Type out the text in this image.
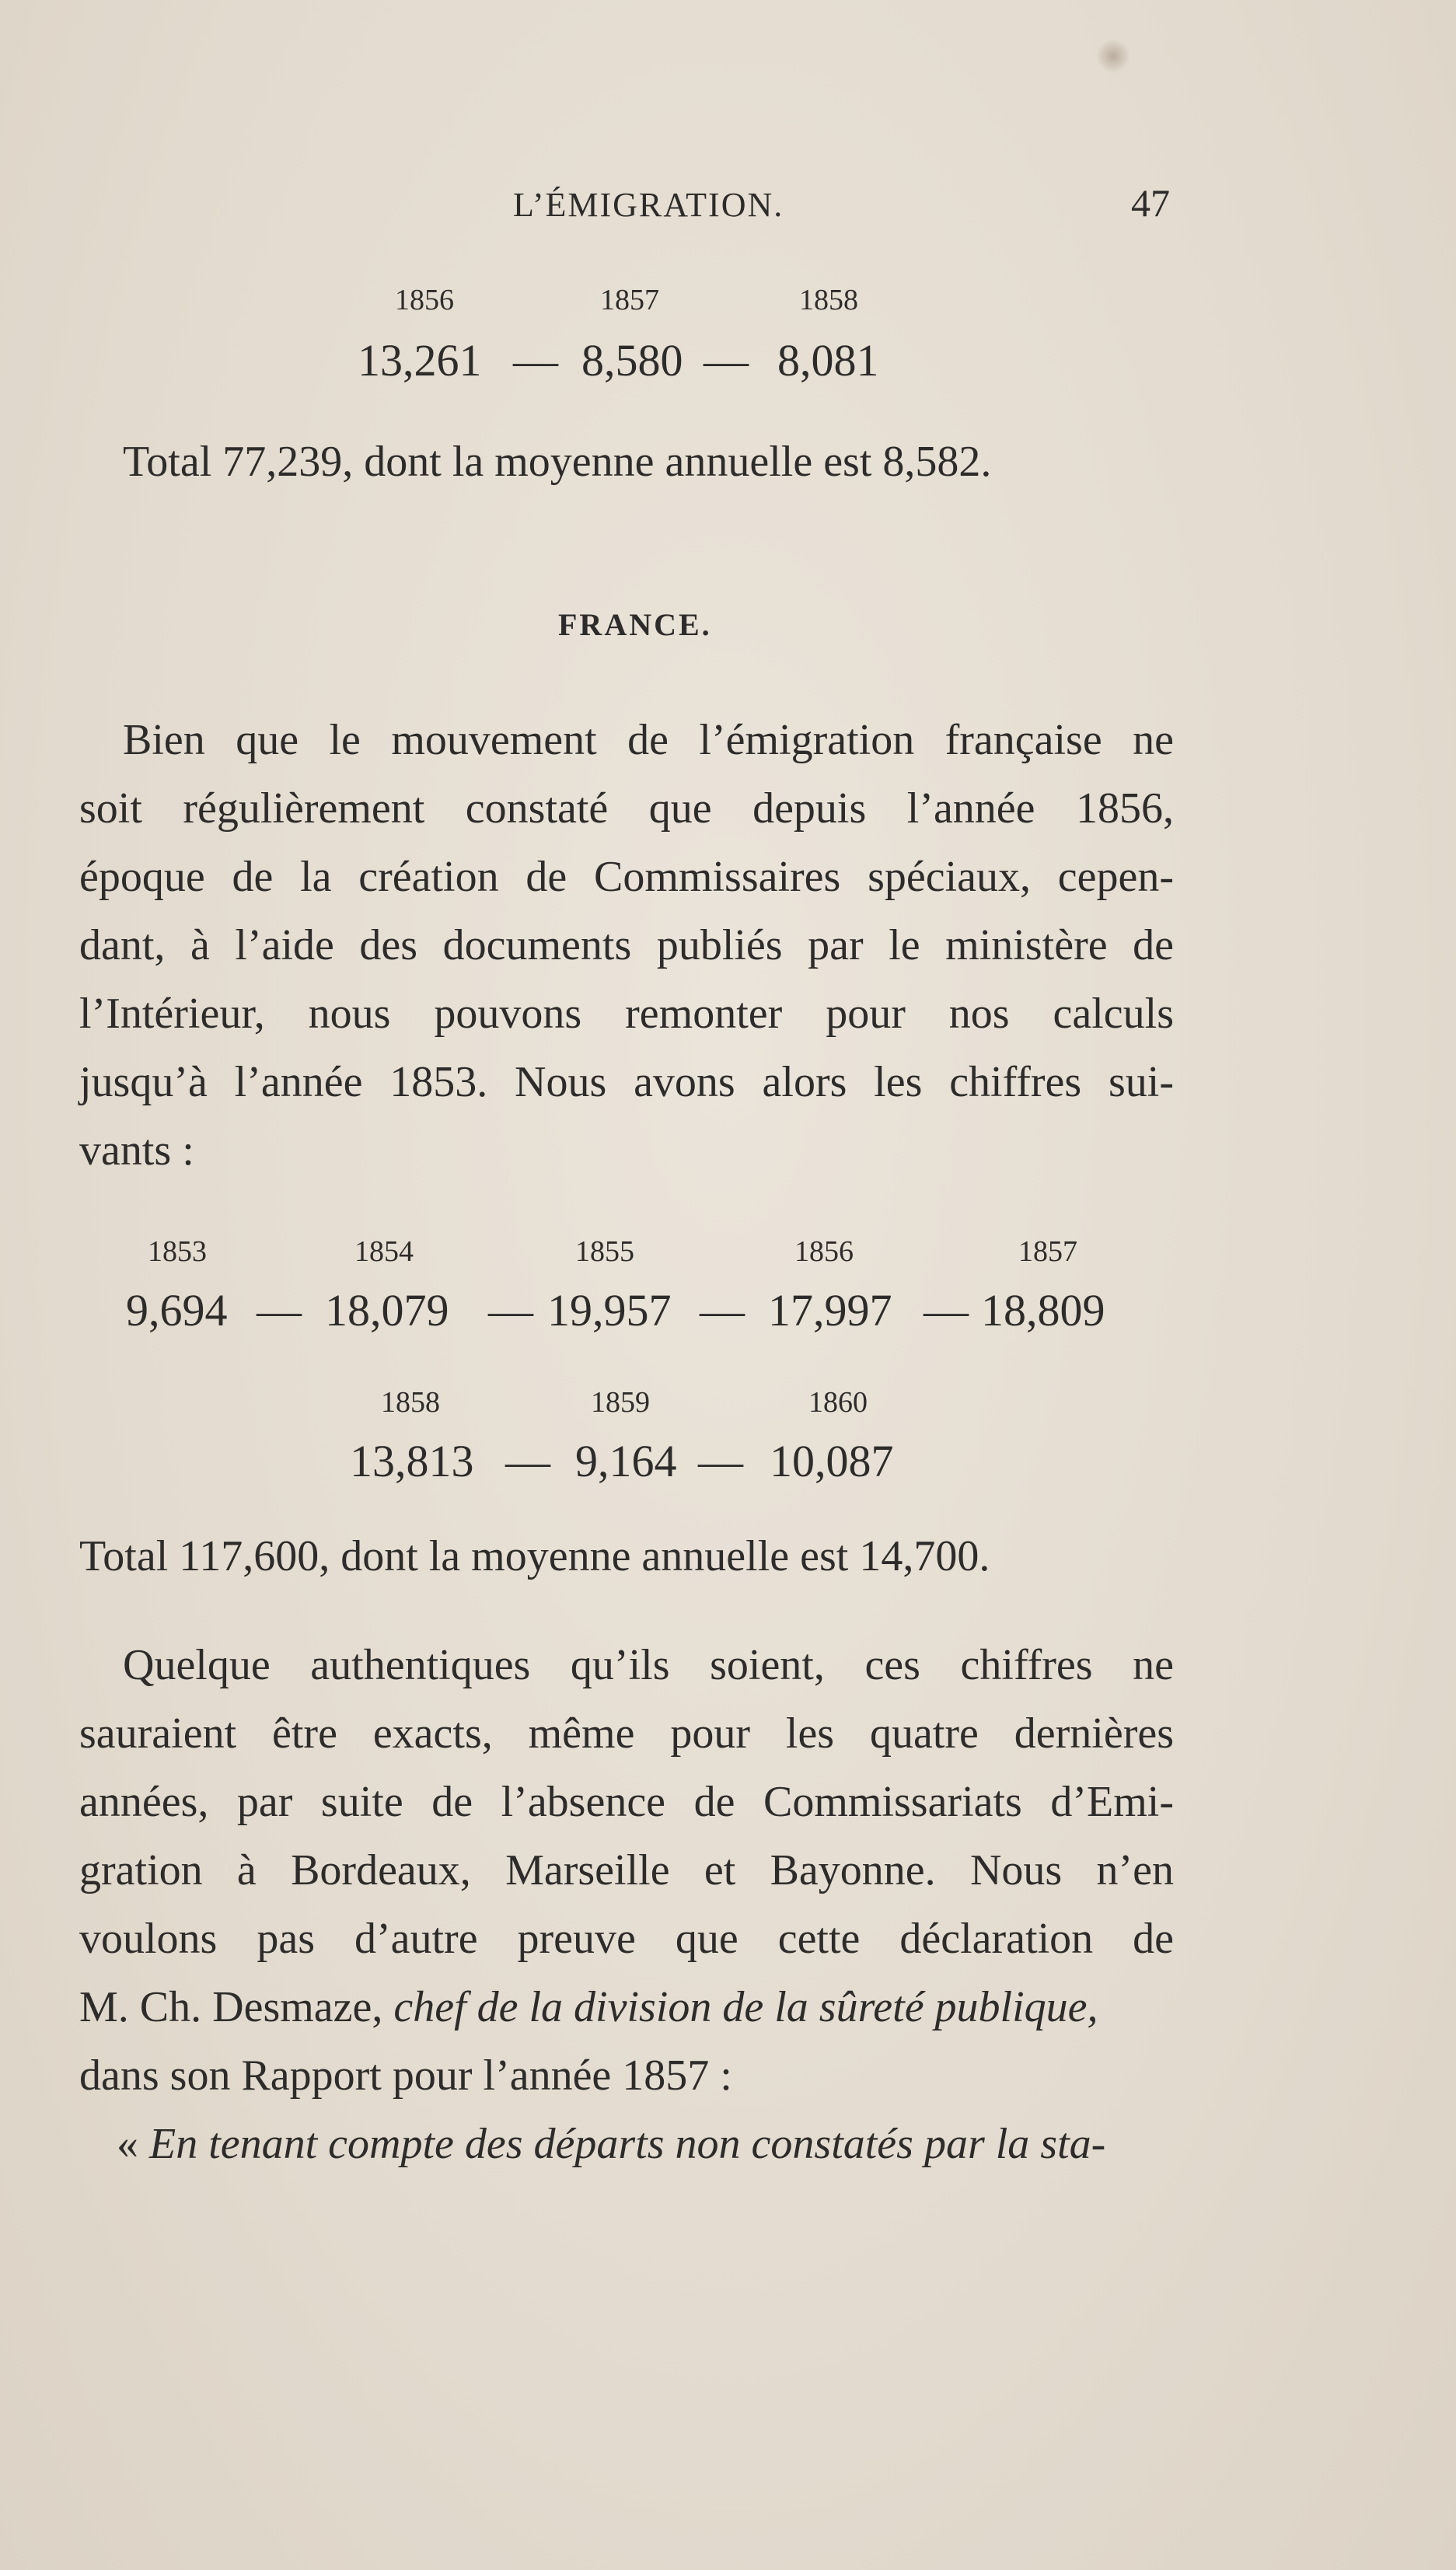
L’ÉMIGRATION.	47
1856	1857	1858
13,261 — 8,580 — 8,081
Total 77,239, dont la moyenne annuelle est 8,582.
FRANCE.
Bien que le mouvement de l’émigration française ne
soit régulièrement constaté que depuis l’année 1856,
époque de la création de Commissaires spéciaux, cepen-
dant, à l’aide des documents publiés par le ministère de
l’Intérieur, nous pouvons remonter pour nos calculs
jusqu’à l’année 1853. Nous avons alors les chiffres sui-
vants :
1853	1854	1855	1856	1857
9,694 — 18,079 — 19,957 — 17,997 — 18,809
1858	1859	1860
13,813 — 9,164 — 10,087
Total 117,600, dont la moyenne annuelle est 14,700.
Quelque authentiques qu’ils soient, ces chiffres ne
sauraient être exacts, même pour les quatre dernières
années, par suite de l’absence de Commissariats d’Emi-
gration à Bordeaux, Marseille et Bayonne. Nous n’en
voulons pas d’autre preuve que cette déclaration de
M. Ch. Desmaze, chef de la division de la sûreté publique,
dans son Rapport pour l’année 1857 :
« En tenant compte des départs non constatés par la sta-
